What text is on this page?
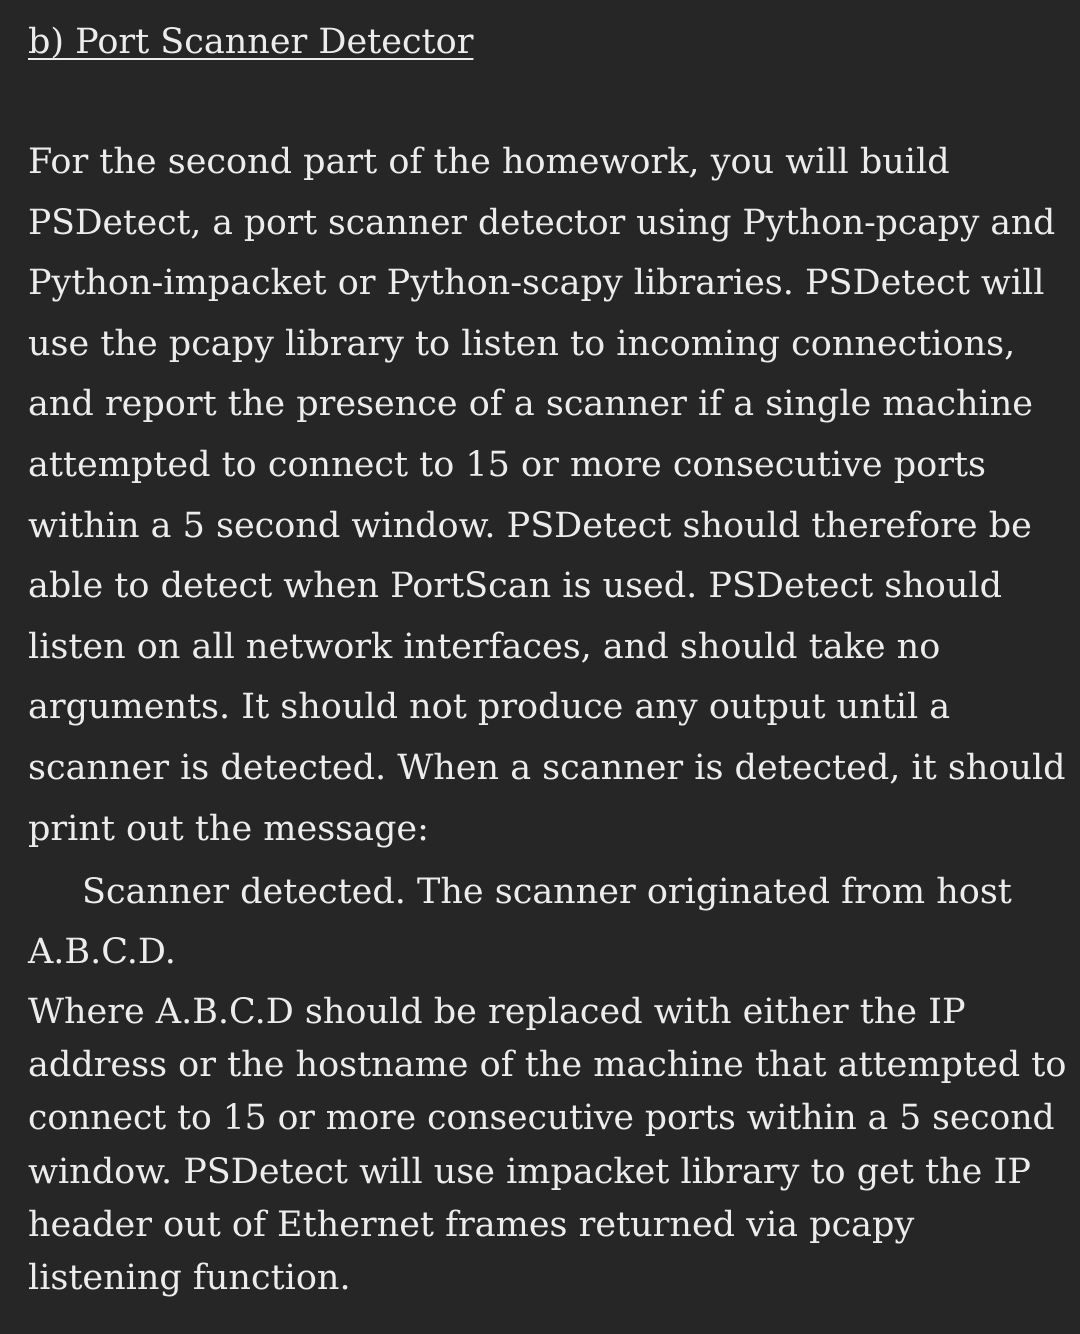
b) Port Scanner Detector
For the second part of the homework, you will build
PSDetect, a port scanner detector using Python-pcapy and
Python-impacket or Python-scapy libraries. PSDetect will
use the pcapy library to listen to incoming connections,
and report the presence of a scanner if a single machine
attempted to connect to 15 or more consecutive ports
within a 5 second window. PSDetect should therefore be
able to detect when PortScan is used. PSDetect should
listen on all network interfaces, and should take no
arguments. It should not produce any output until a
scanner is detected. When a scanner is detected, it should
print out the message:
Scanner detected. The scanner originated from host
A.B.C.D.
Where A.B.C.D should be replaced with either the IP
address or the hostname of the machine that attempted to
connect to 15 or more consecutive ports within a 5 second
window. PSDetect will use impacket library to get the IP
header out of Ethernet frames returned via pcapy
listening function.
